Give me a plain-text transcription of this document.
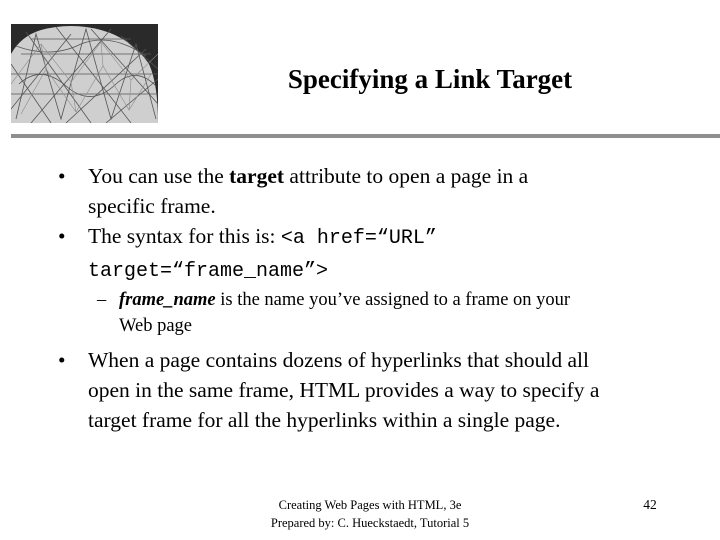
Specifying a Link Target
• You can use the target attribute to open a page in a
specific frame.
• The syntax for this is: <a href=“URL”
target=“frame_name”>
– frame_name is the name you’ve assigned to a frame on your
Web page
• When a page contains dozens of hyperlinks that should all
open in the same frame, HTML provides a way to specify a
target frame for all the hyperlinks within a single page.
Creating Web Pages with HTML, 3e
Prepared by: C. Hueckstaedt, Tutorial 5
42
